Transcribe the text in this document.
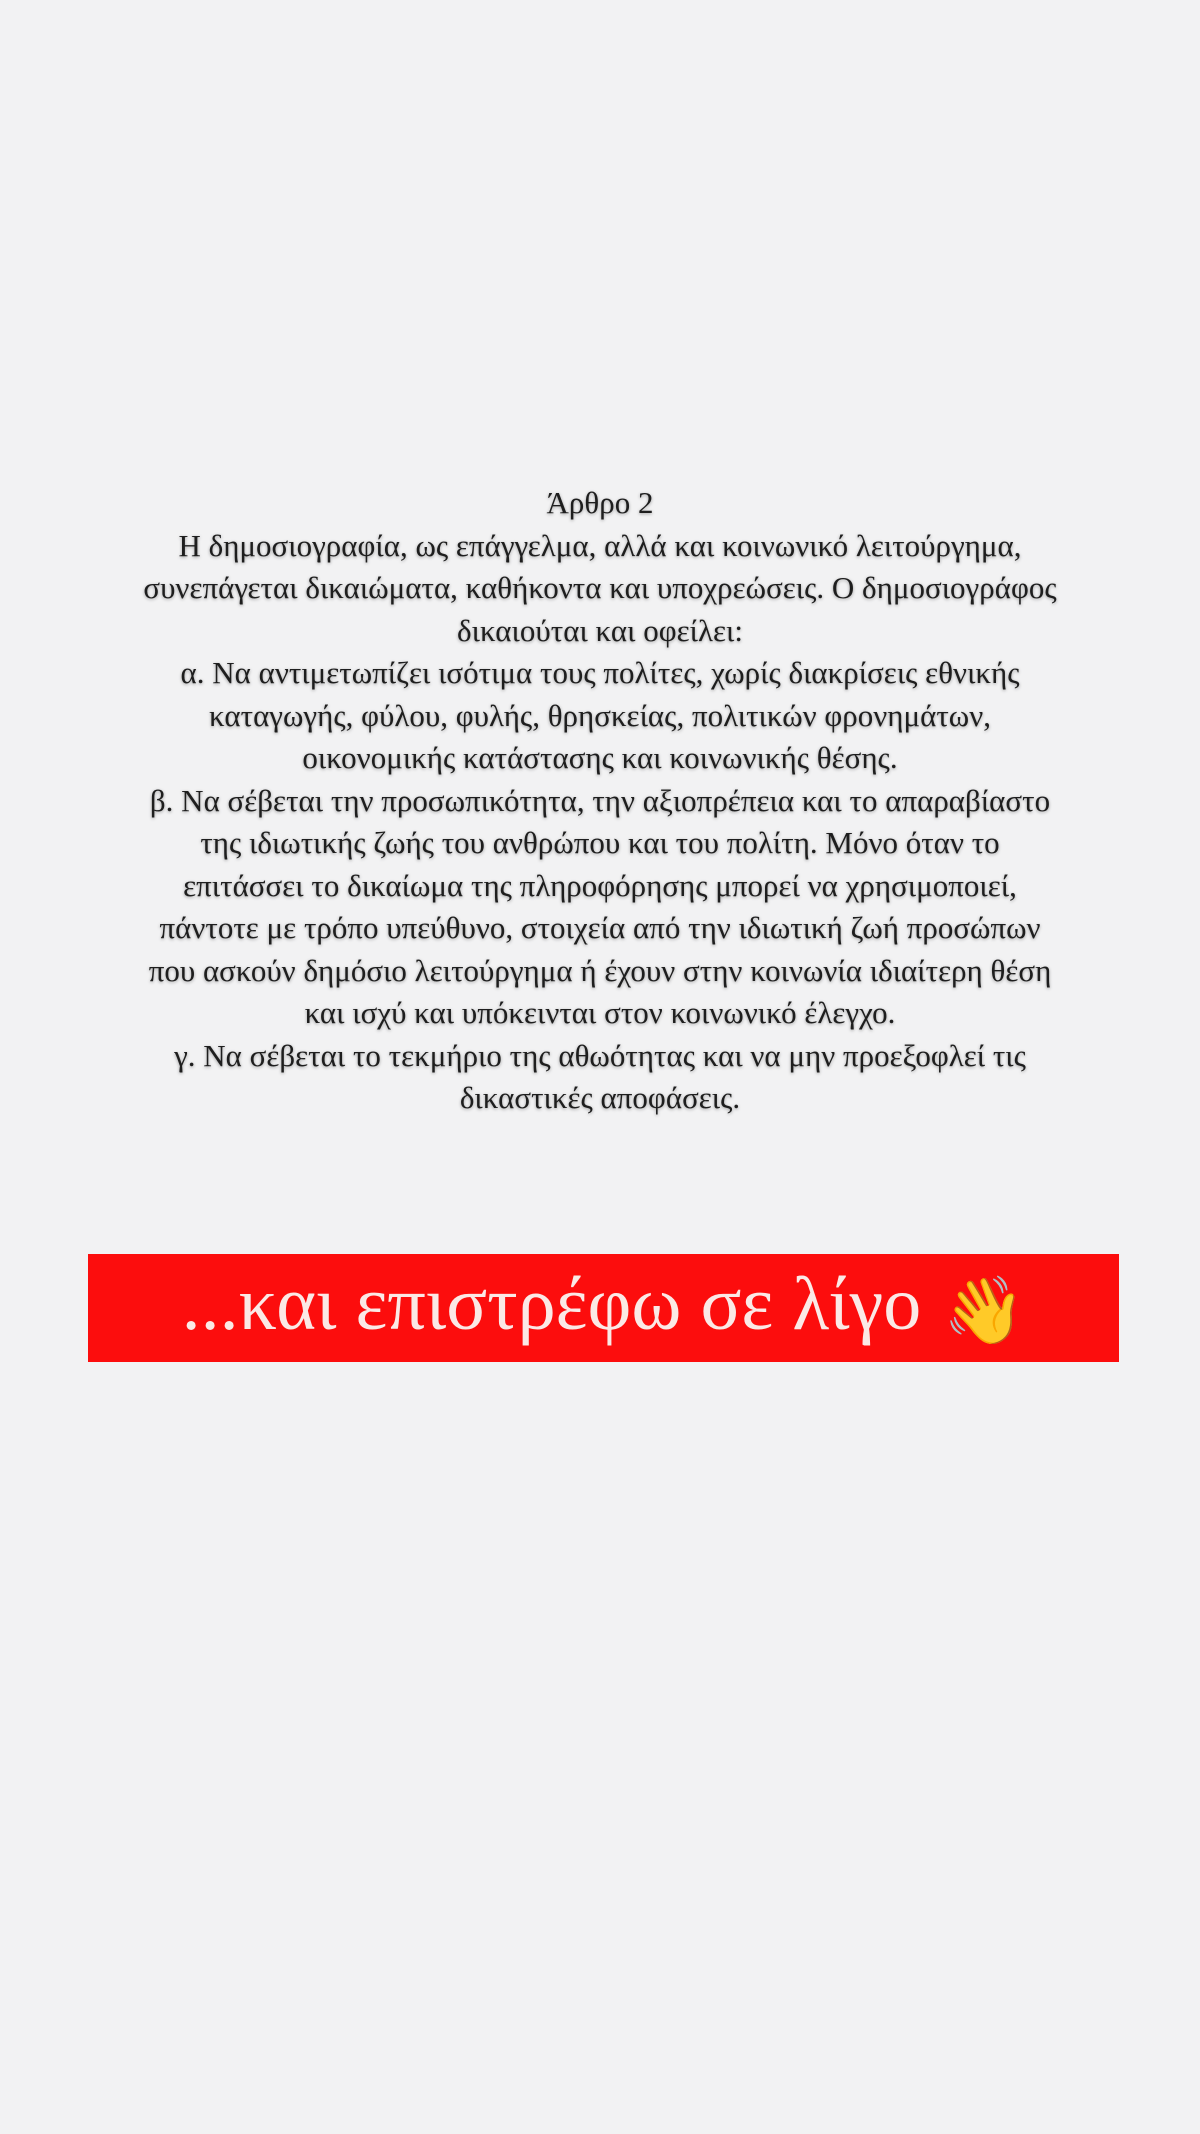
Άρθρο 2
Η δημοσιογραφία, ως επάγγελμα, αλλά και κοινωνικό λειτούργημα,
συνεπάγεται δικαιώματα, καθήκοντα και υποχρεώσεις. Ο δημοσιογράφος
δικαιούται και οφείλει:
α. Να αντιμετωπίζει ισότιμα τους πολίτες, χωρίς διακρίσεις εθνικής
καταγωγής, φύλου, φυλής, θρησκείας, πολιτικών φρονημάτων,
οικονομικής κατάστασης και κοινωνικής θέσης.
β. Να σέβεται την προσωπικότητα, την αξιοπρέπεια και το απαραβίαστο
της ιδιωτικής ζωής του ανθρώπου και του πολίτη. Μόνο όταν το
επιτάσσει το δικαίωμα της πληροφόρησης μπορεί να χρησιμοποιεί,
πάντοτε με τρόπο υπεύθυνο, στοιχεία από την ιδιωτική ζωή προσώπων
που ασκούν δημόσιο λειτούργημα ή έχουν στην κοινωνία ιδιαίτερη θέση
και ισχύ και υπόκεινται στον κοινωνικό έλεγχο.
γ. Να σέβεται το τεκμήριο της αθωότητας και να μην προεξοφλεί τις
δικαστικές αποφάσεις.
...και επιστρέφω σε λίγο 👋
